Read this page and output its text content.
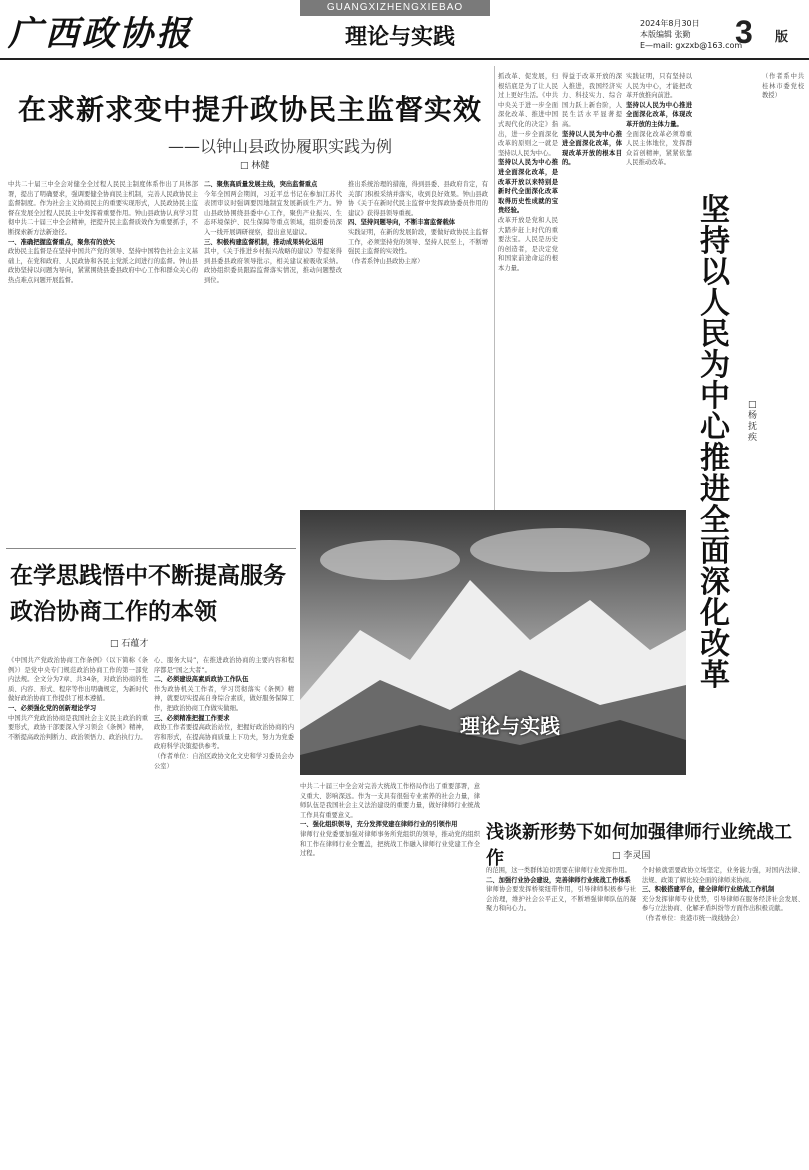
广西政协报
GUANGXIZHENGXIEBAO
理论与实践
2024年8月30日
本版编辑 张勤
E—mail: gxzxb@163.com
3 版
在求新求变中提升政协民主监督实效
——以钟山县政协履职实践为例
□ 林健
中共二十届三中全会对健全全过程人民民主制度体系作出了具体部署，提出了明确要求，强调要健全协商民主机制，完善人民政协民主监督制度。作为社会主义协商民主的重要实现形式，人民政协民主监督在发展全过程人民民主中发挥着重要作用。钟山县政协认真学习贯彻中共二十届三中全会精神，把提升民主监督质效作为重要抓手，不断探索新方法新途径。
一、准确把握监督重点，聚焦有的放矢
政协民主监督是在坚持中国共产党的领导、坚持中国特色社会主义基础上，在党和政府、人民政协和各民主党派之间进行的监督。钟山县政协坚持以问题为导向，紧紧围绕县委县政府中心工作和群众关心的热点难点问题开展监督。
二、聚焦高质量发展主线，突出监督重点
今年全国两会期间，习近平总书记在参加江苏代表团审议时强调要因地制宜发展新质生产力。钟山县政协围绕县委中心工作，聚焦产业振兴、生态环境保护、民生保障等重点领域，组织委员深入一线开展调研视察，提出意见建议。
三、积极构建监督机制，推动成果转化运用
其中，《关于推进乡村振兴战略的建议》等提案得到县委县政府领导批示，相关建议被吸收采纳。政协组织委员跟踪监督落实情况，推动问题整改到位。
推出系统治理的措施，得到县委、县政府肯定，有关部门积极采纳并落实，收到良好效果。钟山县政协《关于在新时代民主监督中发挥政协委员作用的建议》获得县领导重视。
四、坚持问题导向，不断丰富监督载体
实践证明，在新的发展阶段，要做好政协民主监督工作，必须坚持党的领导、坚持人民至上，不断增强民主监督的实效性。
（作者系钟山县政协主席）
抓改革、促发展，归根结底是为了让人民过上更好生活。《中共中央关于进一步全面深化改革、推进中国式现代化的决定》指出，进一步全面深化改革的原则之一就是坚持以人民为中心。
坚持以人民为中心推进全面深化改革，是改革开放以来特别是新时代全面深化改革取得历史性成就的宝贵经验。
改革开放是党和人民大踏步赶上时代的重要法宝。人民是历史的创造者，是决定党和国家前途命运的根本力量。
得益于改革开放的深入推进，我国经济实力、科技实力、综合国力跃上新台阶，人民生活水平显著提高。
坚持以人民为中心推进全面深化改革，体现改革开放的根本目的。
实践证明，只有坚持以人民为中心，才能把改革开放推向前进。
坚持以人民为中心推进全面深化改革，体现改革开放的主体力量。
全面深化改革必须尊重人民主体地位，发挥群众首创精神，紧紧依靠人民推动改革。
坚持以人民为中心推进全面深化改革
□ 杨抚疾
（作者系中共桂林市委党校教授）
在学思践悟中不断提高服务政治协商工作的本领
□ 石蕴才
《中国共产党政治协商工作条例》（以下简称《条例》）是党中央专门规范政治协商工作的第一部党内法规。全文分为7章、共34条，对政治协商的性质、内容、形式、程序等作出明确规定，为新时代做好政治协商工作提供了根本遵循。
一、必须强化党的创新理论学习
中国共产党政治协商是我国社会主义民主政治的重要形式，政协干部要深入学习领会《条例》精神，不断提高政治判断力、政治领悟力、政治执行力。
心、服务大局”，在推进政治协商的主要内容和程序都是“国之大者”。
二、必须建设高素质政协工作队伍
作为政协机关工作者，学习贯彻落实《条例》精神，就要切实提高自身综合素质，做好服务保障工作，把政治协商工作做实做细。
三、必须精准把握工作要求
政协工作者要提高政治站位，把握好政治协商的内容和形式，在提高协商质量上下功夫，努力为党委政府科学决策提供参考。
（作者单位：自治区政协文化文史和学习委员会办公室）
理论与实践
中共二十届三中全会对完善大统战工作格局作出了重要部署，意义重大、影响深远。作为一支具有很强专业素养的社会力量，律师队伍是我国社会主义法治建设的重要力量，做好律师行业统战工作具有重要意义。
一、强化组织领导，充分发挥党建在律师行业的引领作用
律师行业党委要加强对律师事务所党组织的领导，推动党的组织和工作在律师行业全覆盖，把统战工作融入律师行业党建工作全过程。
浅谈新形势下如何加强律师行业统战工作	□ 李灵国
的范围，这一类群体迫切需要在律师行业发挥作用。
二、加强行业协会建设，完善律师行业统战工作体系
律师协会要发挥桥梁纽带作用，引导律师积极参与社会治理，维护社会公平正义，不断增强律师队伍的凝聚力和向心力。
个时候就需要政协立场坚定，业务能力强，对国内法律、法规、政策了解比较全面的律师来协商。
三、积极搭建平台，健全律师行业统战工作机制
充分发挥律师专业优势，引导律师在服务经济社会发展、参与立法协商、化解矛盾纠纷等方面作出积极贡献。
（作者单位：贵港市统一战线协会）
